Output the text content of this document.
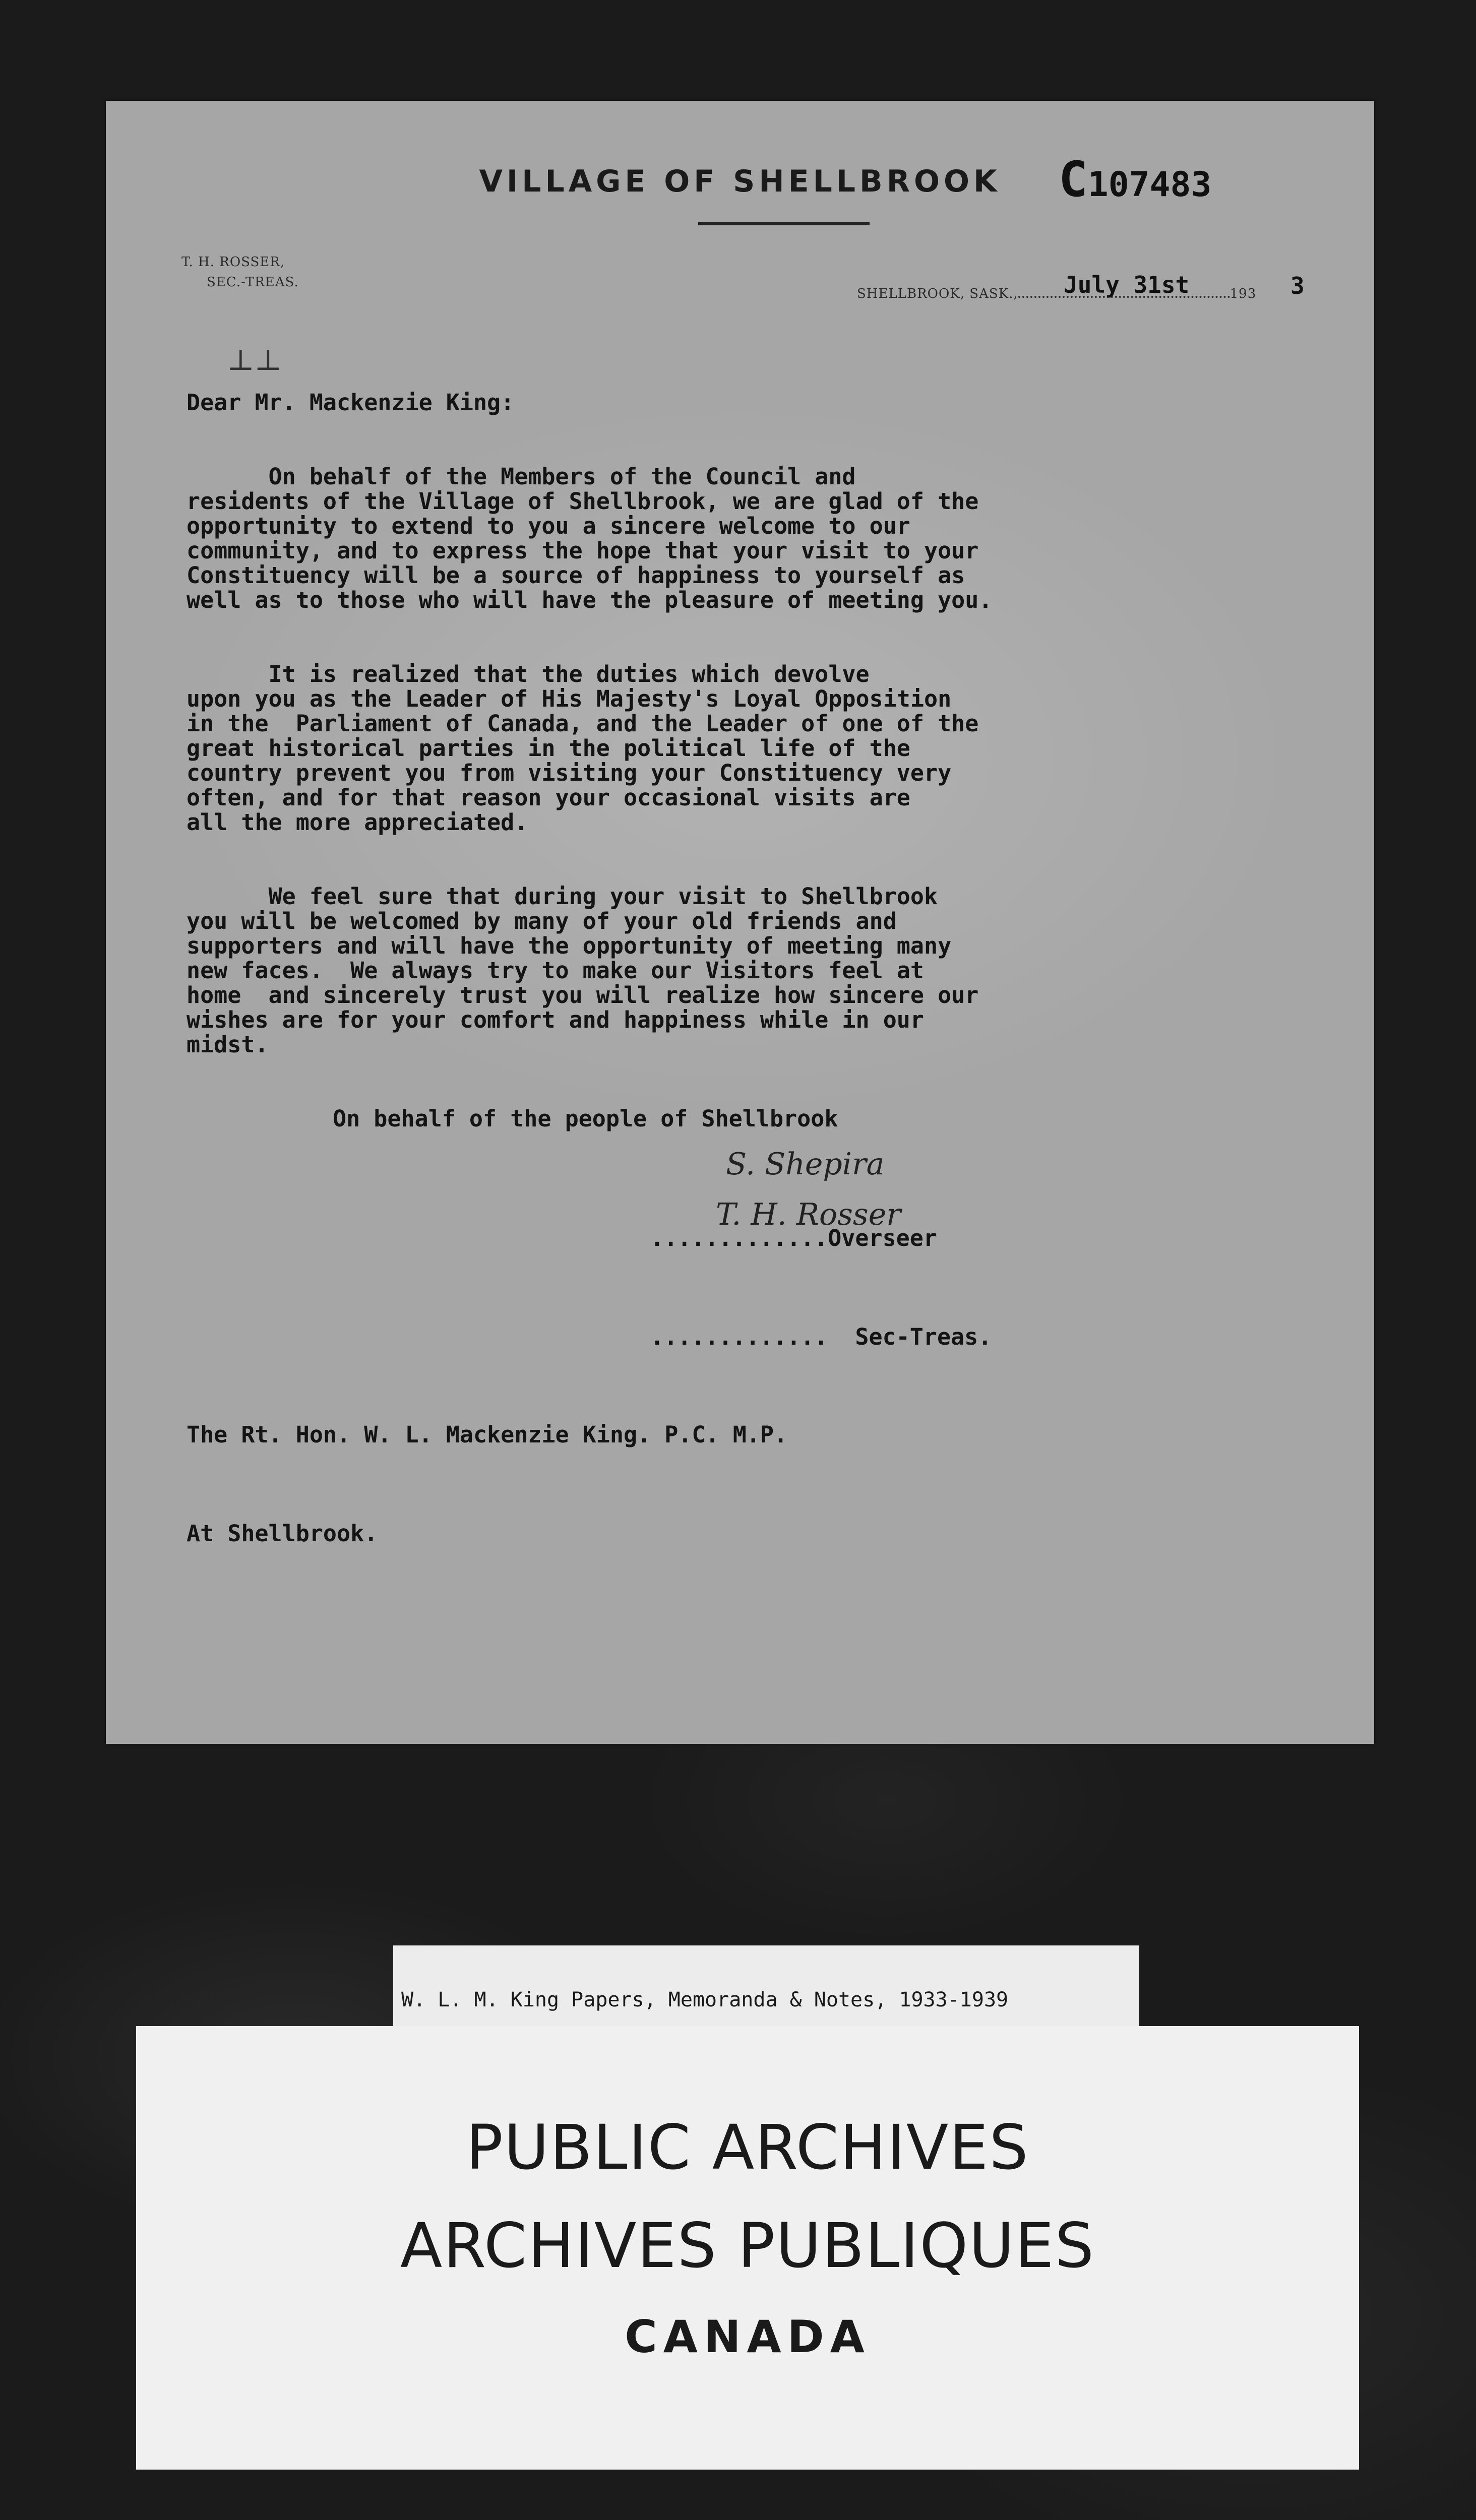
VILLAGE OF SHELLBROOK	C107483
T. H. ROSSER,
SEC.-TREAS.
SHELLBROOK, SASK.,	193
July 31st	3
⊥⊥

Dear Mr. Mackenzie King:

On behalf of the Members of the Council and
residents of the Village of Shellbrook, we are glad of the
opportunity to extend to you a sincere welcome to our
community, and to express the hope that your visit to your
Constituency will be a source of happiness to yourself as
well as to those who will have the pleasure of meeting you.

It is realized that the duties which devolve
upon you as the Leader of His Majesty's Loyal Opposition
in the  Parliament of Canada, and the Leader of one of the
great historical parties in the political life of the
country prevent you from visiting your Constituency very
often, and for that reason your occasional visits are
all the more appreciated.

We feel sure that during your visit to Shellbrook
you will be welcomed by many of your old friends and
supporters and will have the opportunity of meeting many
new faces.  We always try to make our Visitors feel at
home  and sincerely trust you will realize how sincere our
wishes are for your comfort and happiness while in our
midst.

On behalf of the people of Shellbrook

S. Shepira
T. H. Rosser

.............Overseer

.............  Sec-Treas.

The Rt. Hon. W. L. Mackenzie King. P.C. M.P.

At Shellbrook.

W. L. M. King Papers, Memoranda & Notes, 1933-1939

PUBLIC ARCHIVES
ARCHIVES PUBLIQUES
CANADA
